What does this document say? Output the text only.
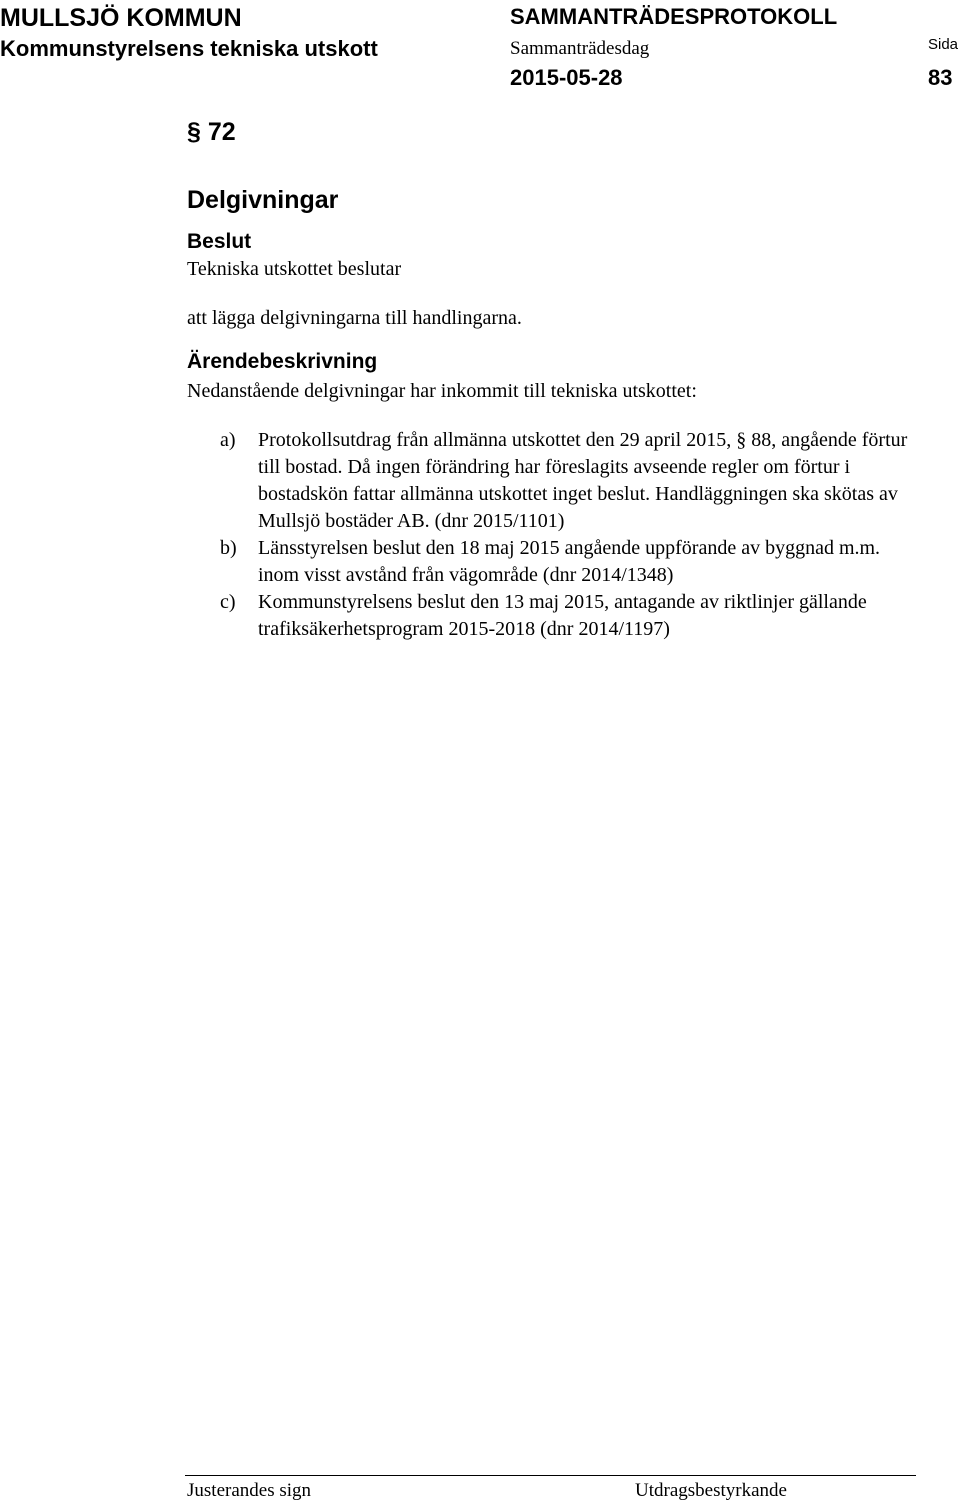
MULLSJÖ KOMMUN
Kommunstyrelsens tekniska utskott
SAMMANTRÄDESPROTOKOLL
Sammanträdesdag
2015-05-28
Sida
83
§ 72
Delgivningar
Beslut
Tekniska utskottet beslutar
att lägga delgivningarna till handlingarna.
Ärendebeskrivning
Nedanstående delgivningar har inkommit till tekniska utskottet:
a)	Protokollsutdrag från allmänna utskottet den 29 april 2015, § 88, angående förtur till bostad. Då ingen förändring har föreslagits avseende regler om förtur i bostadskön fattar allmänna utskottet inget beslut. Handläggningen ska skötas av Mullsjö bostäder AB. (dnr 2015/1101)
b)	Länsstyrelsen beslut den 18 maj 2015 angående uppförande av byggnad m.m. inom visst avstånd från vägområde (dnr 2014/1348)
c)	Kommunstyrelsens beslut den 13 maj 2015, antagande av riktlinjer gällande trafiksäkerhetsprogram 2015-2018 (dnr 2014/1197)
Justerandes sign	Utdragsbestyrkande
